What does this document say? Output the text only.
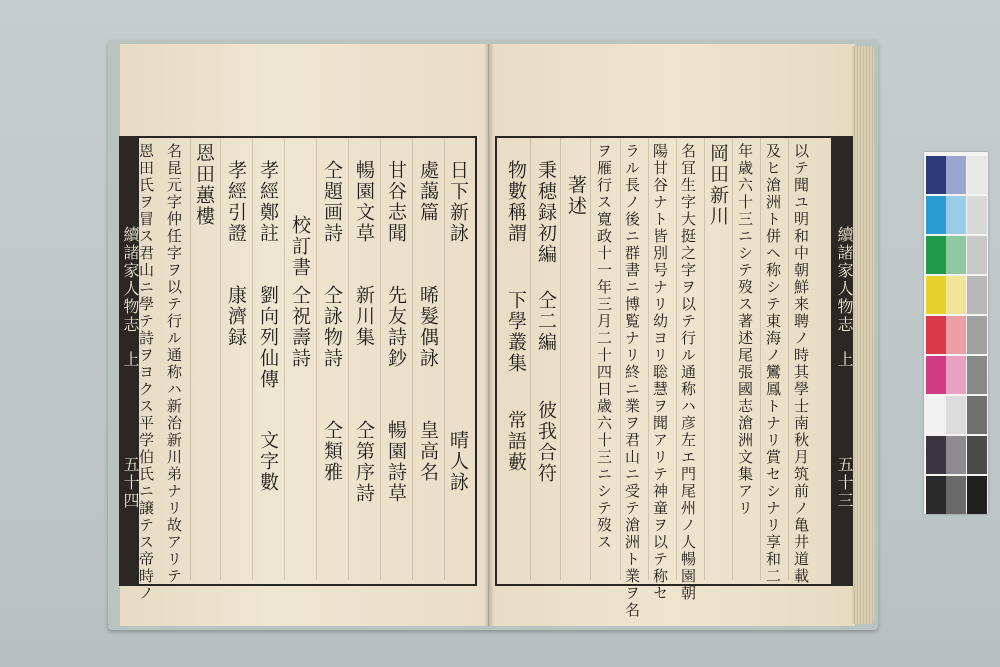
續諸家人物志
上
五十四
續諸家人物志
上
五十三
日下新詠
晴人詠
處藹篇
晞髮偶詠
皇高名
甘谷志聞
先友詩鈔
暢園詩草
暢園文草
新川集
仝第序詩
仝題画詩
仝詠物詩
仝類雅
校訂書
仝祝壽詩
孝經鄭註
劉向列仙傳
文字數
孝經引證
康濟録
恩田蕙樓
名昆元字仲任字ヲ以テ行ル通称ハ新治新川弟ナリ故アリテ
恩田氏ヲ冒ス君山ニ學テ詩ヲヨクス平学伯氏ニ譲テス帝時ノ	以テ聞ユ明和中朝鮮来聘ノ時其學士南秋月筑前ノ亀井道載
及ヒ滄洲ト併ヘ称シテ東海ノ鸞鳳トナリ賞セシナリ享和二
年歳六十三ニシテ歿ス著述尾張國志滄洲文集アリ
岡田新川
名冝生字大挺之字ヲ以テ行ル通称ハ彦左エ門尾州ノ人暢園朝
陽甘谷ナト皆別号ナリ幼ヨリ聡慧ヲ聞アリテ神童ヲ以テ称セ
ラル長ノ後ニ群書ニ博覧ナリ終ニ業ヲ君山ニ受テ滄洲ト業ヲ名
ヲ雁行ス寛政十一年三月二十四日歳六十三ニシテ歿ス
著述
秉穂録初編
仝二編
彼我合符
物數稱謂
下學叢集
常語藪
